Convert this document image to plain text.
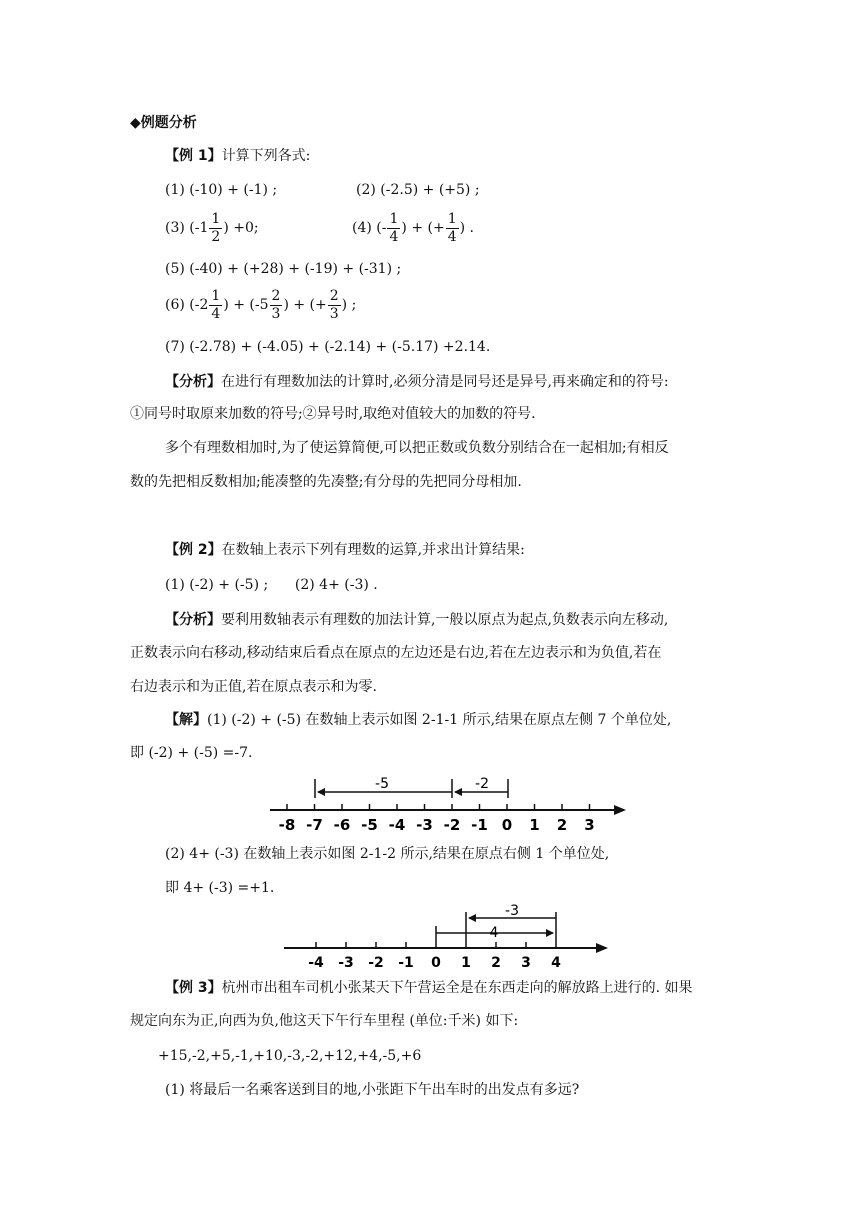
◆例题分析
【例 1】计算下列各式:
(1) (-10) + (-1) ;	(2) (-2.5) + (+5) ;
(3) ($-1 \frac{1}{2}$ ) +0;	(4) (- $\frac{1}{4}$ ) + (+ $\frac{1}{4}$ ) .
(5) (-40) + (+28) + (-19) + (-31) ;
(6) ($-2 \frac{1}{4}$ ) + ($-5 \frac{2}{3}$ ) + (+ $\frac{2}{3}$ ) ;
(7) (-2.78) + (-4.05) + (-2.14) + (-5.17) +2.14.
【分析】在进行有理数加法的计算时,必须分清是同号还是异号,再来确定和的符号:
①同号时取原来加数的符号;②异号时,取绝对值较大的加数的符号.
多个有理数相加时,为了使运算简便,可以把正数或负数分别结合在一起相加;有相反
数的先把相反数相加;能凑整的先凑整;有分母的先把同分母相加.
【例 2】在数轴上表示下列有理数的运算,并求出计算结果:
(1) (-2) + (-5) ;      (2) 4+ (-3) .
【分析】要利用数轴表示有理数的加法计算,一般以原点为起点,负数表示向左移动,
正数表示向右移动,移动结束后看点在原点的左边还是右边,若在左边表示和为负值,若在
右边表示和为正值,若在原点表示和为零.
【解】(1) (-2) + (-5) 在数轴上表示如图 2-1-1 所示,结果在原点左侧 7 个单位处,
即 (-2) + (-5) =-7.
-8 -7 -6 -5 -4 -3 -2 -1 0 1 2 3
-5	-2
(2) 4+ (-3) 在数轴上表示如图 2-1-2 所示,结果在原点右侧 1 个单位处,
即 4+ (-3) =+1.
-4 -3 -2 -1 0 1 2 3 4
-3
4
【例 3】杭州市出租车司机小张某天下午营运全是在东西走向的解放路上进行的. 如果
规定向东为正,向西为负,他这天下午行车里程 (单位:千米) 如下:
+15,-2,+5,-1,+10,-3,-2,+12,+4,-5,+6
(1) 将最后一名乘客送到目的地,小张距下午出车时的出发点有多远?
